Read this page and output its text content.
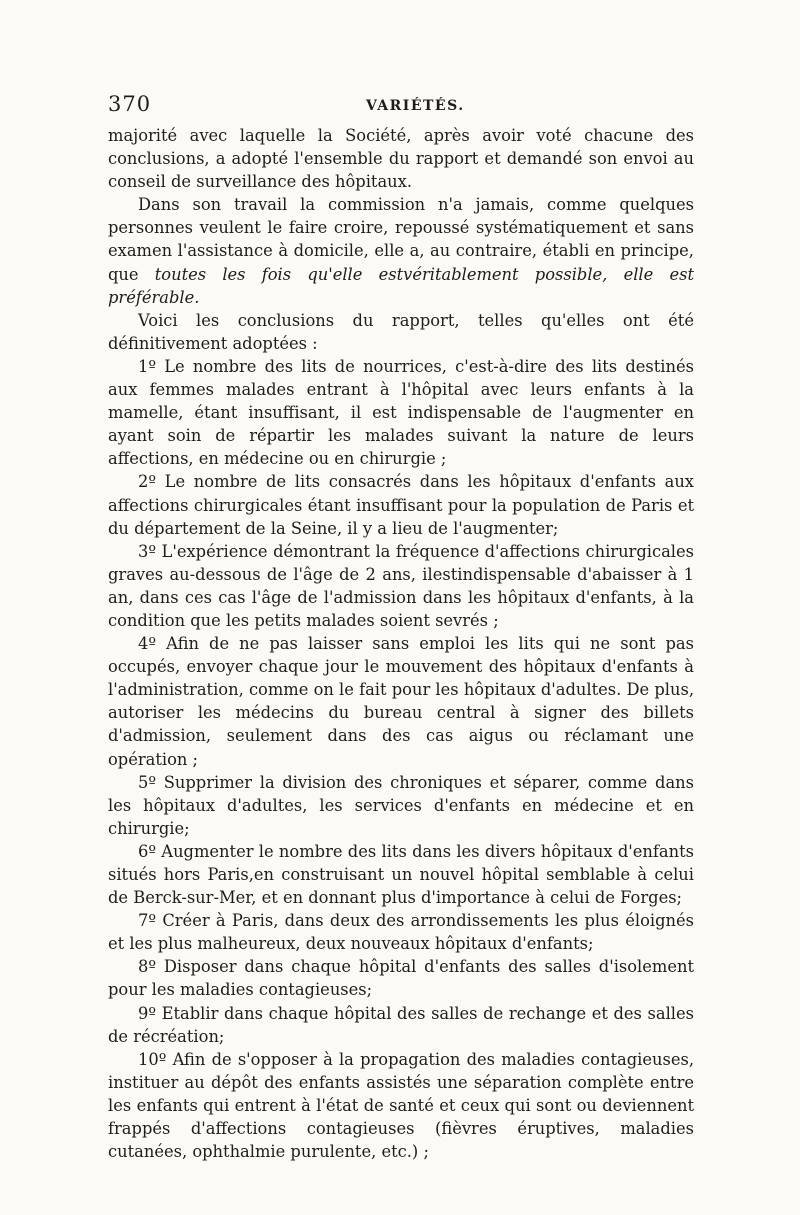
370	VARIÉTÉS.

majorité avec laquelle la Société, après avoir voté chacune des conclusions, a adopté l'ensemble du rapport et demandé son envoi au conseil de surveillance des hôpitaux.

Dans son travail la commission n'a jamais, comme quelques personnes veulent le faire croire, repoussé systématiquement et sans examen l'assistance à domicile, elle a, au contraire, établi en principe, que toutes les fois qu'elle estvéritablement possible, elle est préférable.

Voici les conclusions du rapport, telles qu'elles ont été définitivement adoptées :

1º Le nombre des lits de nourrices, c'est-à-dire des lits destinés aux femmes malades entrant à l'hôpital avec leurs enfants à la mamelle, étant insuffisant, il est indispensable de l'augmenter en ayant soin de répartir les malades suivant la nature de leurs affections, en médecine ou en chirurgie ;

2º Le nombre de lits consacrés dans les hôpitaux d'enfants aux affections chirurgicales étant insuffisant pour la population de Paris et du département de la Seine, il y a lieu de l'augmenter;

3º L'expérience démontrant la fréquence d'affections chirurgicales graves au-dessous de l'âge de 2 ans, ilestindispensable d'abaisser à 1 an, dans ces cas l'âge de l'admission dans les hôpitaux d'enfants, à la condition que les petits malades soient sevrés ;

4º Afin de ne pas laisser sans emploi les lits qui ne sont pas occupés, envoyer chaque jour le mouvement des hôpitaux d'enfants à l'administration, comme on le fait pour les hôpitaux d'adultes. De plus, autoriser les médecins du bureau central à signer des billets d'admission, seulement dans des cas aigus ou réclamant une opération ;

5º Supprimer la division des chroniques et séparer, comme dans les hôpitaux d'adultes, les services d'enfants en médecine et en chirurgie;

6º Augmenter le nombre des lits dans les divers hôpitaux d'enfants situés hors Paris,en construisant un nouvel hôpital semblable à celui de Berck-sur-Mer, et en donnant plus d'importance à celui de Forges;

7º Créer à Paris, dans deux des arrondissements les plus éloignés et les plus malheureux, deux nouveaux hôpitaux d'enfants;

8º Disposer dans chaque hôpital d'enfants des salles d'isolement pour les maladies contagieuses;

9º Etablir dans chaque hôpital des salles de rechange et des salles de récréation;

10º Afin de s'opposer à la propagation des maladies contagieuses, instituer au dépôt des enfants assistés une séparation complète entre les enfants qui entrent à l'état de santé et ceux qui sont ou deviennent frappés d'affections contagieuses (fièvres éruptives, maladies cutanées, ophthalmie purulente, etc.) ;
